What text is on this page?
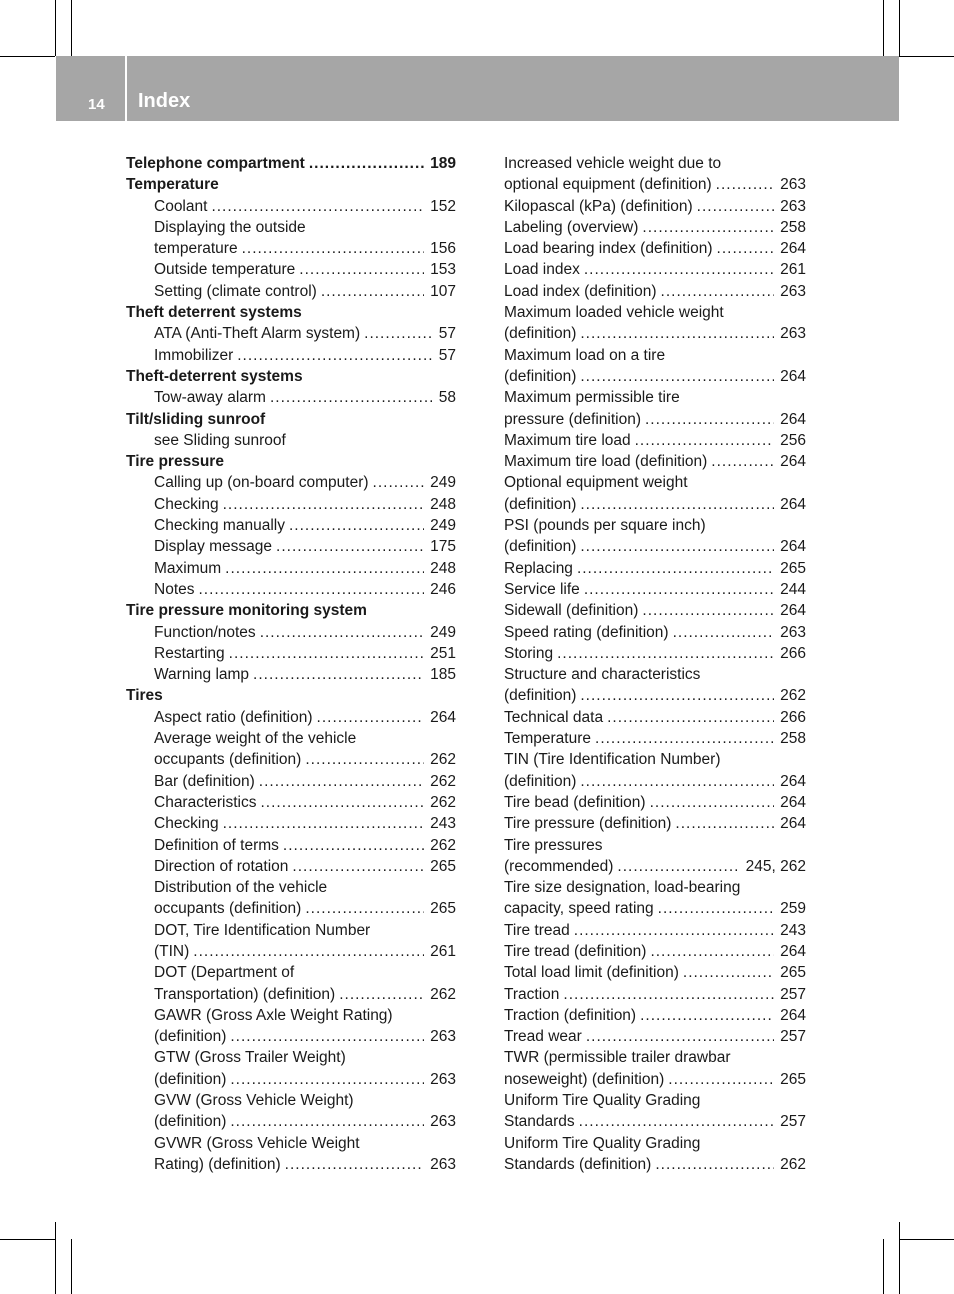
14 Index
Telephone compartment .....	189
Temperature
Coolant .....	152
Displaying the outside
temperature .....	156
Outside temperature .....	153
Setting (climate control) .....	107
Theft deterrent systems
ATA (Anti-Theft Alarm system) .....	57
Immobilizer .....	57
Theft-deterrent systems
Tow-away alarm .....	58
Tilt/sliding sunroof
see Sliding sunroof
Tire pressure
Calling up (on-board computer) .....	249
Checking .....	248
Checking manually .....	249
Display message .....	175
Maximum .....	248
Notes .....	246
Tire pressure monitoring system
Function/notes .....	249
Restarting .....	251
Warning lamp .....	185
Tires
Aspect ratio (definition) .....	264
Average weight of the vehicle
occupants (definition) .....	262
Bar (definition) .....	262
Characteristics .....	262
Checking .....	243
Definition of terms .....	262
Direction of rotation .....	265
Distribution of the vehicle
occupants (definition) .....	265
DOT, Tire Identification Number
(TIN) .....	261
DOT (Department of
Transportation) (definition) .....	262
GAWR (Gross Axle Weight Rating)
(definition) .....	263
GTW (Gross Trailer Weight)
(definition) .....	263
GVW (Gross Vehicle Weight)
(definition) .....	263
GVWR (Gross Vehicle Weight
Rating) (definition) .....	263
Increased vehicle weight due to
optional equipment (definition) .....	263
Kilopascal (kPa) (definition) .....	263
Labeling (overview) .....	258
Load bearing index (definition) .....	264
Load index .....	261
Load index (definition) .....	263
Maximum loaded vehicle weight
(definition) .....	263
Maximum load on a tire
(definition) .....	264
Maximum permissible tire
pressure (definition) .....	264
Maximum tire load .....	256
Maximum tire load (definition) .....	264
Optional equipment weight
(definition) .....	264
PSI (pounds per square inch)
(definition) .....	264
Replacing .....	265
Service life .....	244
Sidewall (definition) .....	264
Speed rating (definition) .....	263
Storing .....	266
Structure and characteristics
(definition) .....	262
Technical data .....	266
Temperature .....	258
TIN (Tire Identification Number)
(definition) .....	264
Tire bead (definition) .....	264
Tire pressure (definition) .....	264
Tire pressures
(recommended) .....	245, 262
Tire size designation, load-bearing
capacity, speed rating .....	259
Tire tread .....	243
Tire tread (definition) .....	264
Total load limit (definition) .....	265
Traction .....	257
Traction (definition) .....	264
Tread wear .....	257
TWR (permissible trailer drawbar
noseweight) (definition) .....	265
Uniform Tire Quality Grading
Standards .....	257
Uniform Tire Quality Grading
Standards (definition) .....	262
